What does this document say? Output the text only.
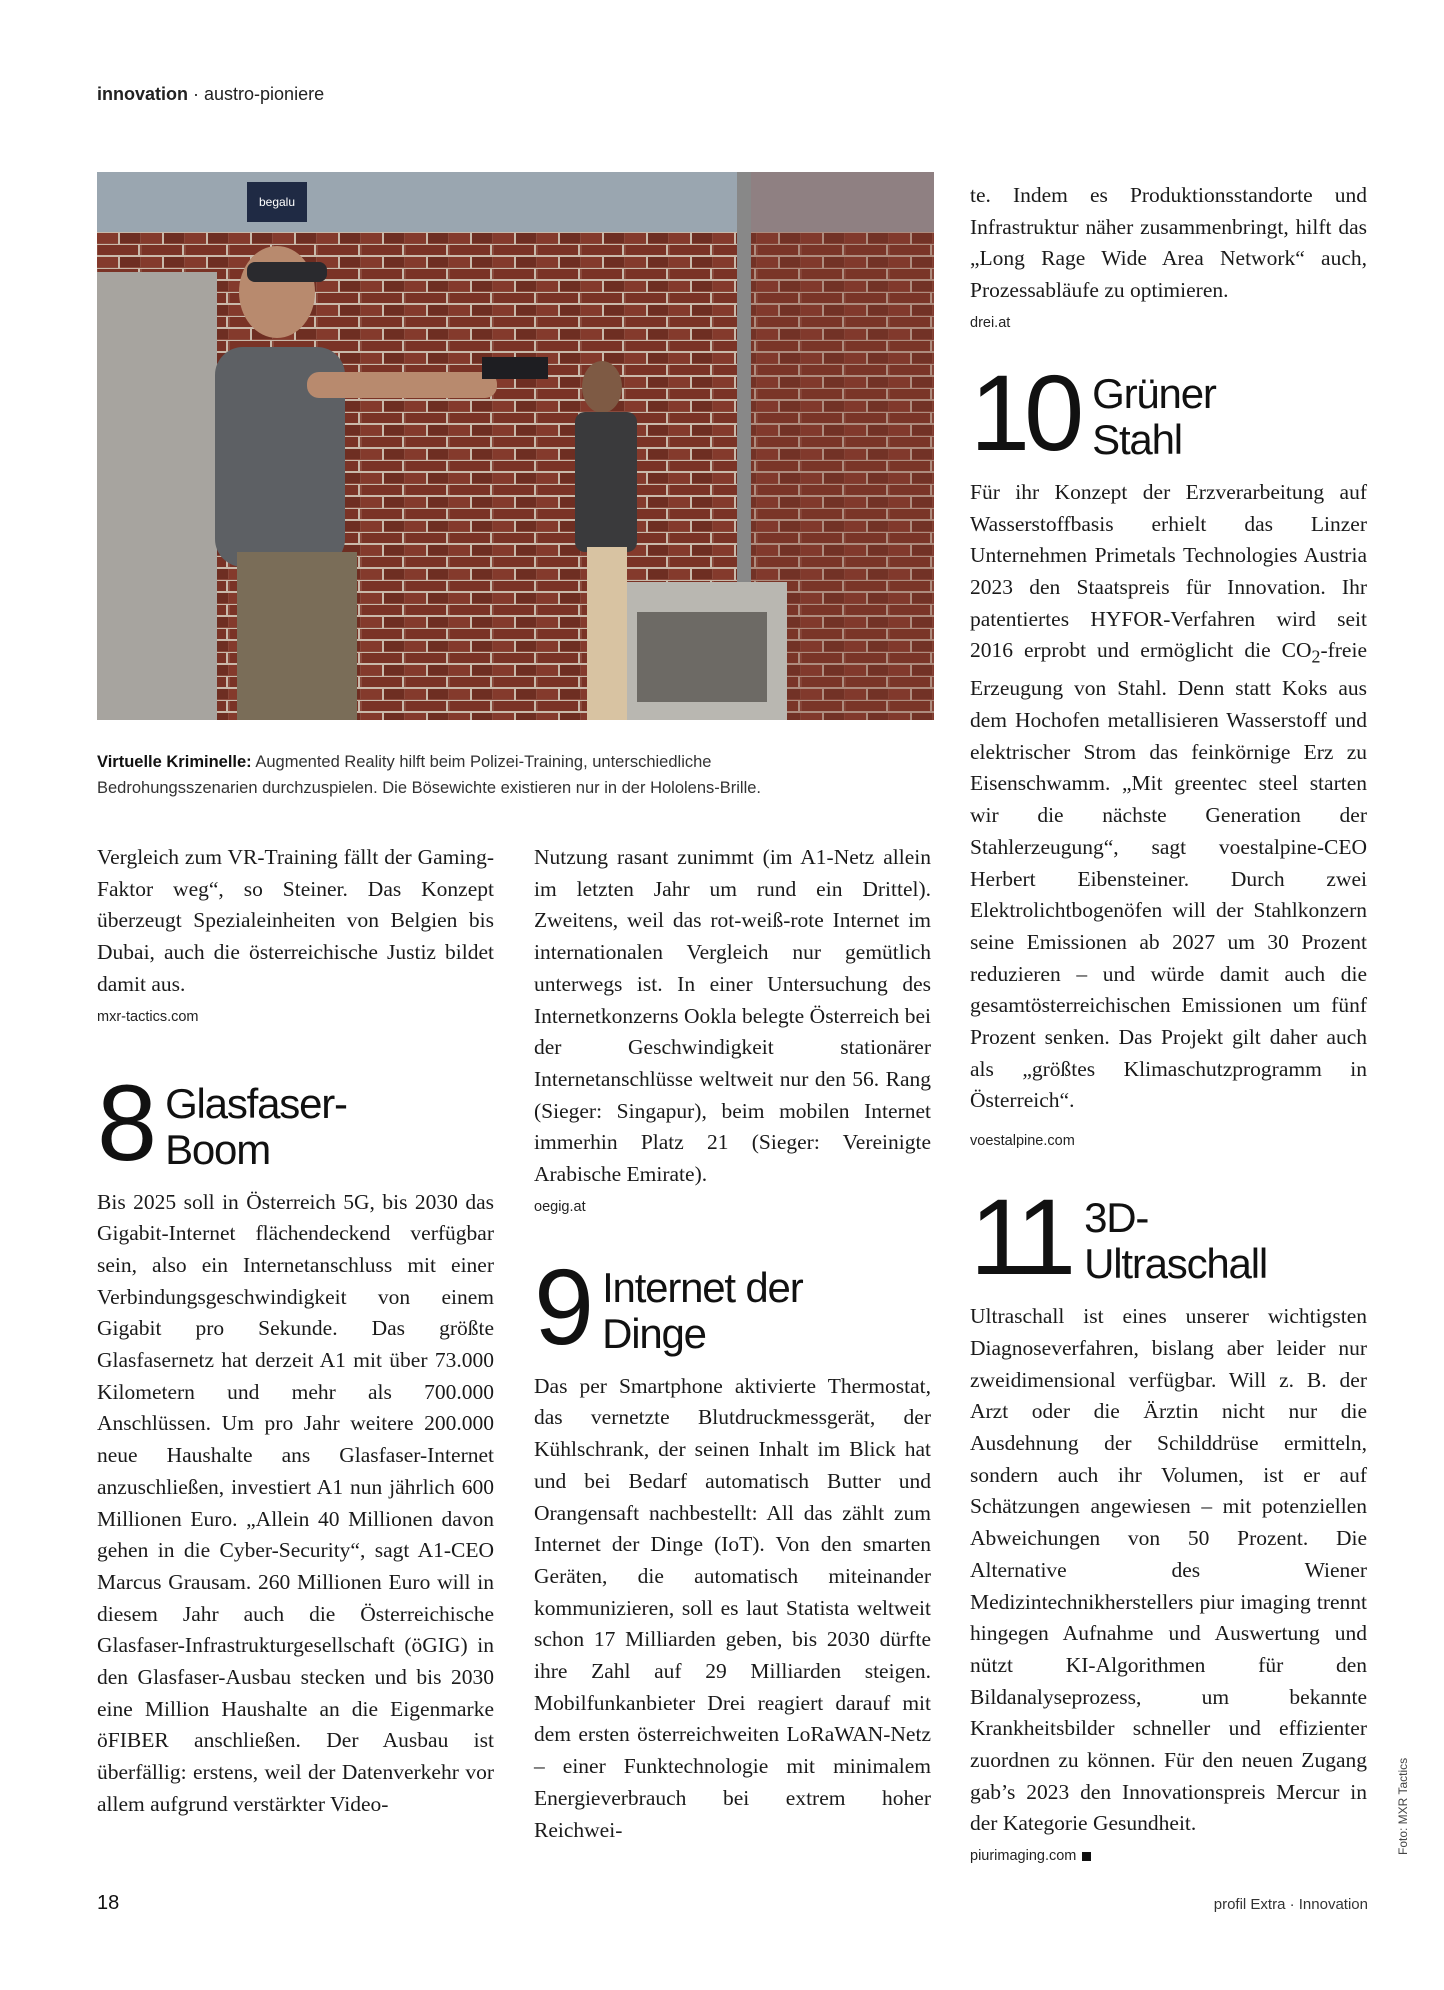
innovation · austro-pioniere
begalu
Virtuelle Kriminelle: Augmented Reality hilft beim Polizei-Training, unterschiedliche Bedrohungsszenarien durchzuspielen. Die Bösewichte existieren nur in der Hololens-Brille.

Vergleich zum VR-Training fällt der Gaming-Faktor weg“, so Steiner. Das Konzept überzeugt Spezialeinheiten von Belgien bis Dubai, auch die österreichische Justiz bildet damit aus.

mxr-tactics.com
8 Glasfaser-
Boom

Bis 2025 soll in Österreich 5G, bis 2030 das Gigabit-Internet flächendeckend verfügbar sein, also ein Internetanschluss mit einer Verbindungsgeschwindigkeit von einem Gigabit pro Sekunde. Das größte Glasfasernetz hat derzeit A1 mit über 73.000 Kilometern und mehr als 700.000 Anschlüssen. Um pro Jahr weitere 200.000 neue Haushalte ans Glasfaser-Internet anzuschließen, investiert A1 nun jährlich 600 Millionen Euro. „Allein 40 Millionen davon gehen in die Cyber-Security“, sagt A1-CEO Marcus Grausam. 260 Millionen Euro will in diesem Jahr auch die Österreichische Glasfaser-Infrastrukturgesellschaft (öGIG) in den Glasfaser-Ausbau stecken und bis 2030 eine Million Haushalte an die Eigenmarke öFIBER anschließen. Der Ausbau ist überfällig: erstens, weil der Datenverkehr vor allem aufgrund verstärkter Video-

Nutzung rasant zunimmt (im A1-Netz allein im letzten Jahr um rund ein Drittel). Zweitens, weil das rot-weiß-rote Internet im internationalen Vergleich nur gemütlich unterwegs ist. In einer Untersuchung des Internetkonzerns Ookla belegte Österreich bei der Geschwindigkeit stationärer Internetanschlüsse weltweit nur den 56. Rang (Sieger: Singapur), beim mobilen Internet immerhin Platz 21 (Sieger: Vereinigte Arabische Emirate).

oegig.at
9 Internet der
Dinge

Das per Smartphone aktivierte Thermostat, das vernetzte Blutdruckmessgerät, der Kühlschrank, der seinen Inhalt im Blick hat und bei Bedarf automatisch Butter und Orangensaft nachbestellt: All das zählt zum Internet der Dinge (IoT). Von den smarten Geräten, die automatisch miteinander kommunizieren, soll es laut Statista weltweit schon 17 Milliarden geben, bis 2030 dürfte ihre Zahl auf 29 Milliarden steigen. Mobilfunkanbieter Drei reagiert darauf mit dem ersten österreichweiten LoRaWAN-Netz – einer Funktechnologie mit minimalem Energieverbrauch bei extrem hoher Reichwei-

te. Indem es Produktionsstandorte und Infrastruktur näher zusammenbringt, hilft das „Long Rage Wide Area Network“ auch, Prozessabläufe zu optimieren.

drei.at
10 Grüner
Stahl

Für ihr Konzept der Erzverarbeitung auf Wasserstoffbasis erhielt das Linzer Unternehmen Primetals Technologies Austria 2023 den Staatspreis für Innovation. Ihr patentiertes HYFOR-Verfahren wird seit 2016 erprobt und ermöglicht die $CO_2$-freie Erzeugung von Stahl. Denn statt Koks aus dem Hochofen metallisieren Wasserstoff und elektrischer Strom das feinkörnige Erz zu Eisenschwamm. „Mit greentec steel starten wir die nächste Generation der Stahlerzeugung“, sagt voestalpine-CEO Herbert Eibensteiner. Durch zwei Elektrolichtbogenöfen will der Stahlkonzern seine Emissionen ab 2027 um 30 Prozent reduzieren – und würde damit auch die gesamtösterreichischen Emissionen um fünf Prozent senken. Das Projekt gilt daher auch als „größtes Klimaschutzprogramm in Österreich“.

voestalpine.com
11 3D-
Ultraschall

Ultraschall ist eines unserer wichtigsten Diagnoseverfahren, bislang aber leider nur zweidimensional verfügbar. Will z. B. der Arzt oder die Ärztin nicht nur die Ausdehnung der Schilddrüse ermitteln, sondern auch ihr Volumen, ist er auf Schätzungen angewiesen – mit potenziellen Abweichungen von 50 Prozent. Die Alternative des Wiener Medizintechnikherstellers piur imaging trennt hingegen Aufnahme und Auswertung und nützt KI-Algorithmen für den Bildanalyseprozess, um bekannte Krankheitsbilder schneller und effizienter zuordnen zu können. Für den neuen Zugang gab’s 2023 den Innovationspreis Mercur in der Kategorie Gesundheit.

piurimaging.com
18	profil Extra · Innovation
Foto: MXR Tactics
